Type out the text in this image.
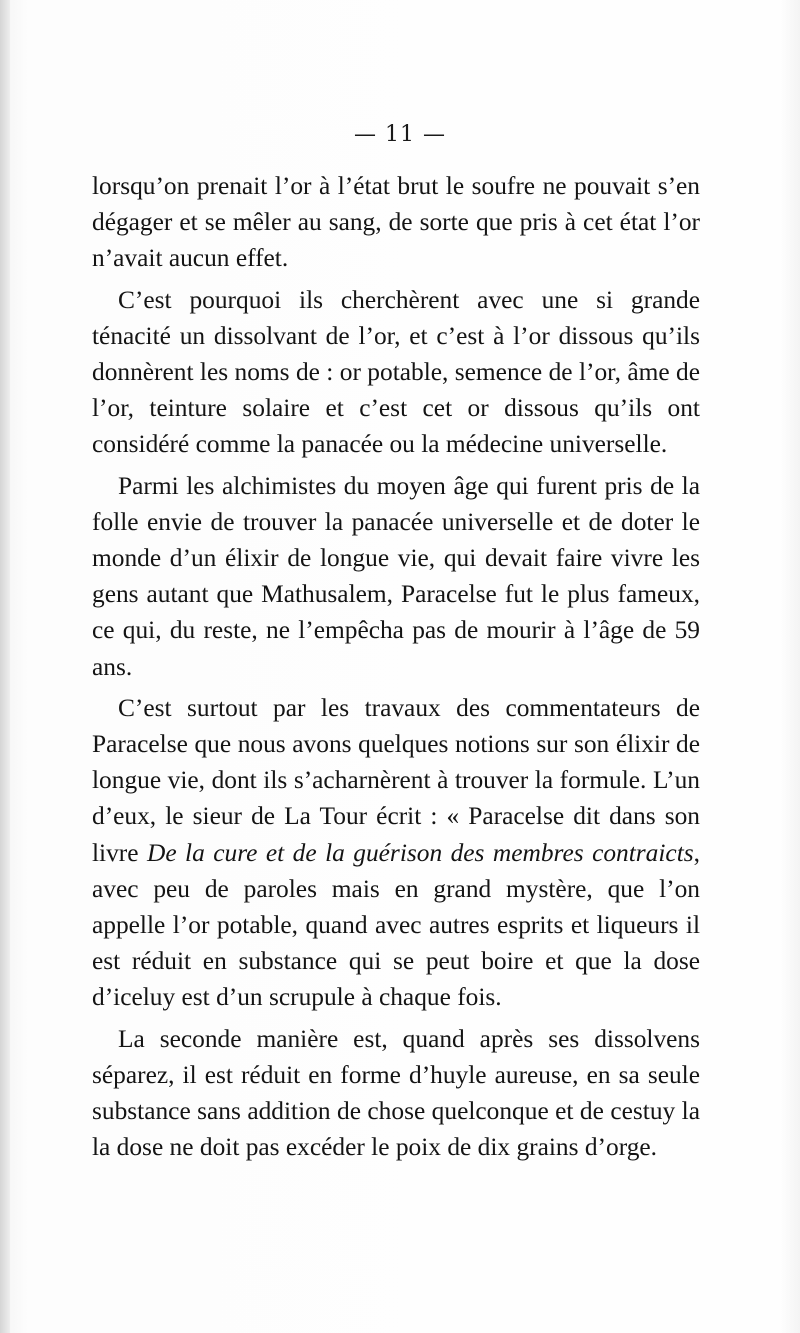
— 11 —

lorsqu’on prenait l’or à l’état brut le soufre ne pouvait s’en dégager et se mêler au sang, de sorte que pris à cet état l’or n’avait aucun effet.

C’est pourquoi ils cherchèrent avec une si grande ténacité un dissolvant de l’or, et c’est à l’or dissous qu’ils donnèrent les noms de : or potable, semence de l’or, âme de l’or, teinture solaire et c’est cet or dissous qu’ils ont considéré comme la panacée ou la médecine universelle.

Parmi les alchimistes du moyen âge qui furent pris de la folle envie de trouver la panacée universelle et de doter le monde d’un élixir de longue vie, qui devait faire vivre les gens autant que Mathusalem, Paracelse fut le plus fameux, ce qui, du reste, ne l’empêcha pas de mourir à l’âge de 59 ans.

C’est surtout par les travaux des commentateurs de Paracelse que nous avons quelques notions sur son élixir de longue vie, dont ils s’acharnèrent à trouver la formule. L’un d’eux, le sieur de La Tour écrit : « Paracelse dit dans son livre De la cure et de la guérison des membres contraicts, avec peu de paroles mais en grand mystère, que l’on appelle l’or potable, quand avec autres esprits et liqueurs il est réduit en substance qui se peut boire et que la dose d’iceluy est d’un scrupule à chaque fois.

La seconde manière est, quand après ses dissolvens séparez, il est réduit en forme d’huyle aureuse, en sa seule substance sans addition de chose quelconque et de cestuy la la dose ne doit pas excéder le poix de dix grains d’orge.
